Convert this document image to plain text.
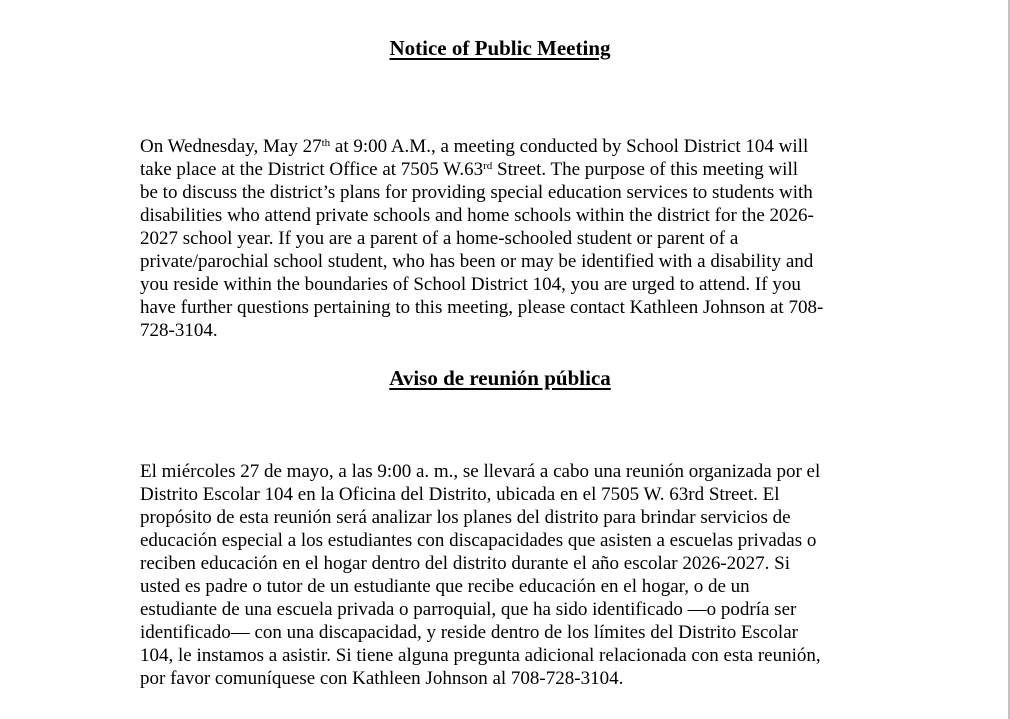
Notice of Public Meeting

On Wednesday, May 27th at 9:00 A.M., a meeting conducted by School District 104 will
take place at the District Office at 7505 W.63rd Street. The purpose of this meeting will
be to discuss the district’s plans for providing special education services to students with
disabilities who attend private schools and home schools within the district for the 2026-
2027 school year. If you are a parent of a home-schooled student or parent of a
private/parochial school student, who has been or may be identified with a disability and
you reside within the boundaries of School District 104, you are urged to attend. If you
have further questions pertaining to this meeting, please contact Kathleen Johnson at 708-
728-3104.

Aviso de reunión pública

El miércoles 27 de mayo, a las 9:00 a. m., se llevará a cabo una reunión organizada por el
Distrito Escolar 104 en la Oficina del Distrito, ubicada en el 7505 W. 63rd Street. El
propósito de esta reunión será analizar los planes del distrito para brindar servicios de
educación especial a los estudiantes con discapacidades que asisten a escuelas privadas o
reciben educación en el hogar dentro del distrito durante el año escolar 2026-2027. Si
usted es padre o tutor de un estudiante que recibe educación en el hogar, o de un
estudiante de una escuela privada o parroquial, que ha sido identificado —o podría ser
identificado— con una discapacidad, y reside dentro de los límites del Distrito Escolar
104, le instamos a asistir. Si tiene alguna pregunta adicional relacionada con esta reunión,
por favor comuníquese con Kathleen Johnson al 708-728-3104.
